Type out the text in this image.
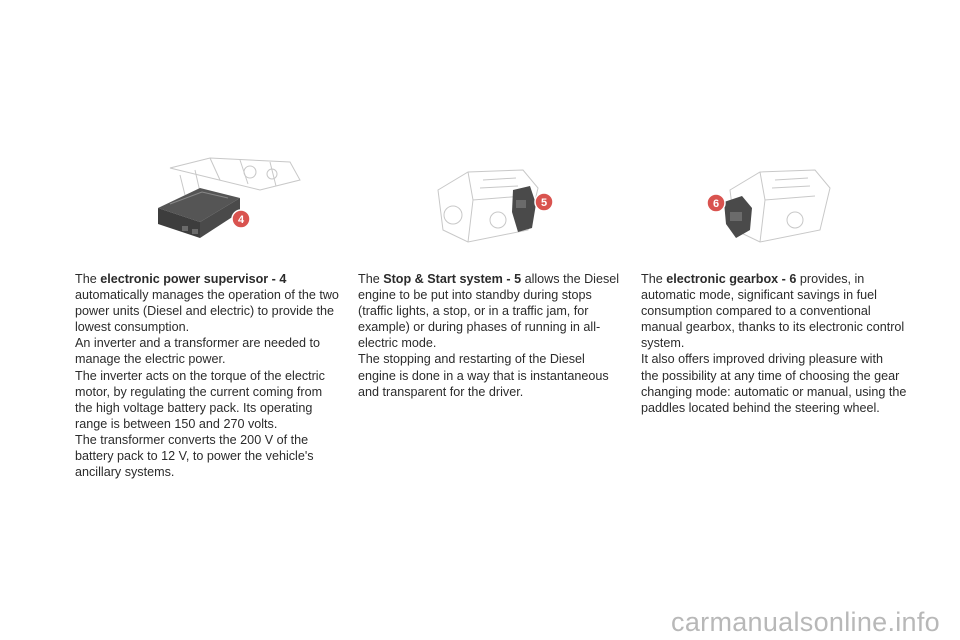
4
5	6

The electronic power supervisor - 4

automatically manages the operation of the two

power units (Diesel and electric) to provide the

lowest consumption.

An inverter and a transformer are needed to

manage the electric power.

The inverter acts on the torque of the electric

motor, by regulating the current coming from

the high voltage battery pack. Its operating

range is between 150 and 270 volts.

The transformer converts the 200 V of the

battery pack to 12 V, to power the vehicle's

ancillary systems.

The Stop & Start system - 5 allows the Diesel

engine to be put into standby during stops

(traffic lights, a stop, or in a traffic jam, for

example) or during phases of running in all-

electric mode.

The stopping and restarting of the Diesel

engine is done in a way that is instantaneous

and transparent for the driver.

The electronic gearbox - 6 provides, in

automatic mode, significant savings in fuel

consumption compared to a conventional

manual gearbox, thanks to its electronic control

system.

It also offers improved driving pleasure with

the possibility at any time of choosing the gear

changing mode: automatic or manual, using the

paddles located behind the steering wheel.

carmanualsonline.info
